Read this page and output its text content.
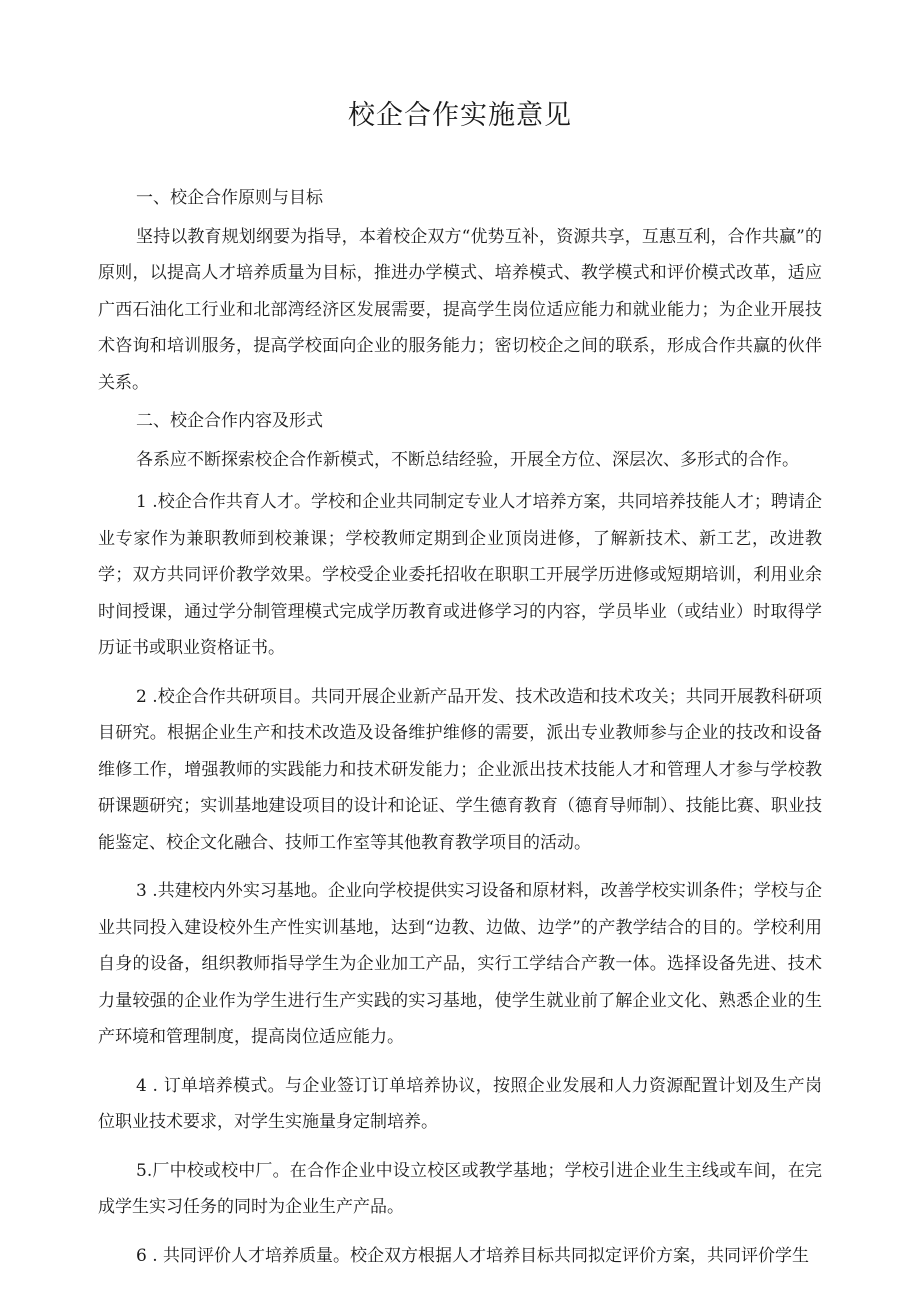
校企合作实施意见

一、校企合作原则与目标

坚持以教育规划纲要为指导，本着校企双方“优势互补，资源共享，互惠互利，合作共赢”的原则，以提高人才培养质量为目标，推进办学模式、培养模式、教学模式和评价模式改革，适应广西石油化工行业和北部湾经济区发展需要，提高学生岗位适应能力和就业能力；为企业开展技术咨询和培训服务，提高学校面向企业的服务能力；密切校企之间的联系，形成合作共赢的伙伴关系。

二、校企合作内容及形式

各系应不断探索校企合作新模式，不断总结经验，开展全方位、深层次、多形式的合作。

1 .校企合作共育人才。学校和企业共同制定专业人才培养方案，共同培养技能人才；聘请企业专家作为兼职教师到校兼课；学校教师定期到企业顶岗进修，了解新技术、新工艺，改进教学；双方共同评价教学效果。学校受企业委托招收在职职工开展学历进修或短期培训，利用业余时间授课，通过学分制管理模式完成学历教育或进修学习的内容，学员毕业（或结业）时取得学历证书或职业资格证书。

2 .校企合作共研项目。共同开展企业新产品开发、技术改造和技术攻关；共同开展教科研项目研究。根据企业生产和技术改造及设备维护维修的需要，派出专业教师参与企业的技改和设备维修工作，增强教师的实践能力和技术研发能力；企业派出技术技能人才和管理人才参与学校教研课题研究；实训基地建设项目的设计和论证、学生德育教育（德育导师制）、技能比赛、职业技能鉴定、校企文化融合、技师工作室等其他教育教学项目的活动。

3 .共建校内外实习基地。企业向学校提供实习设备和原材料，改善学校实训条件；学校与企业共同投入建设校外生产性实训基地，达到“边教、边做、边学”的产教学结合的目的。学校利用自身的设备，组织教师指导学生为企业加工产品，实行工学结合产教一体。选择设备先进、技术力量较强的企业作为学生进行生产实践的实习基地，使学生就业前了解企业文化、熟悉企业的生产环境和管理制度，提高岗位适应能力。

4 . 订单培养模式。与企业签订订单培养协议，按照企业发展和人力资源配置计划及生产岗位职业技术要求，对学生实施量身定制培养。

5.厂中校或校中厂。在合作企业中设立校区或教学基地；学校引进企业生主线或车间，在完成学生实习任务的同时为企业生产产品。

6 . 共同评价人才培养质量。校企双方根据人才培养目标共同拟定评价方案，共同评价学生
